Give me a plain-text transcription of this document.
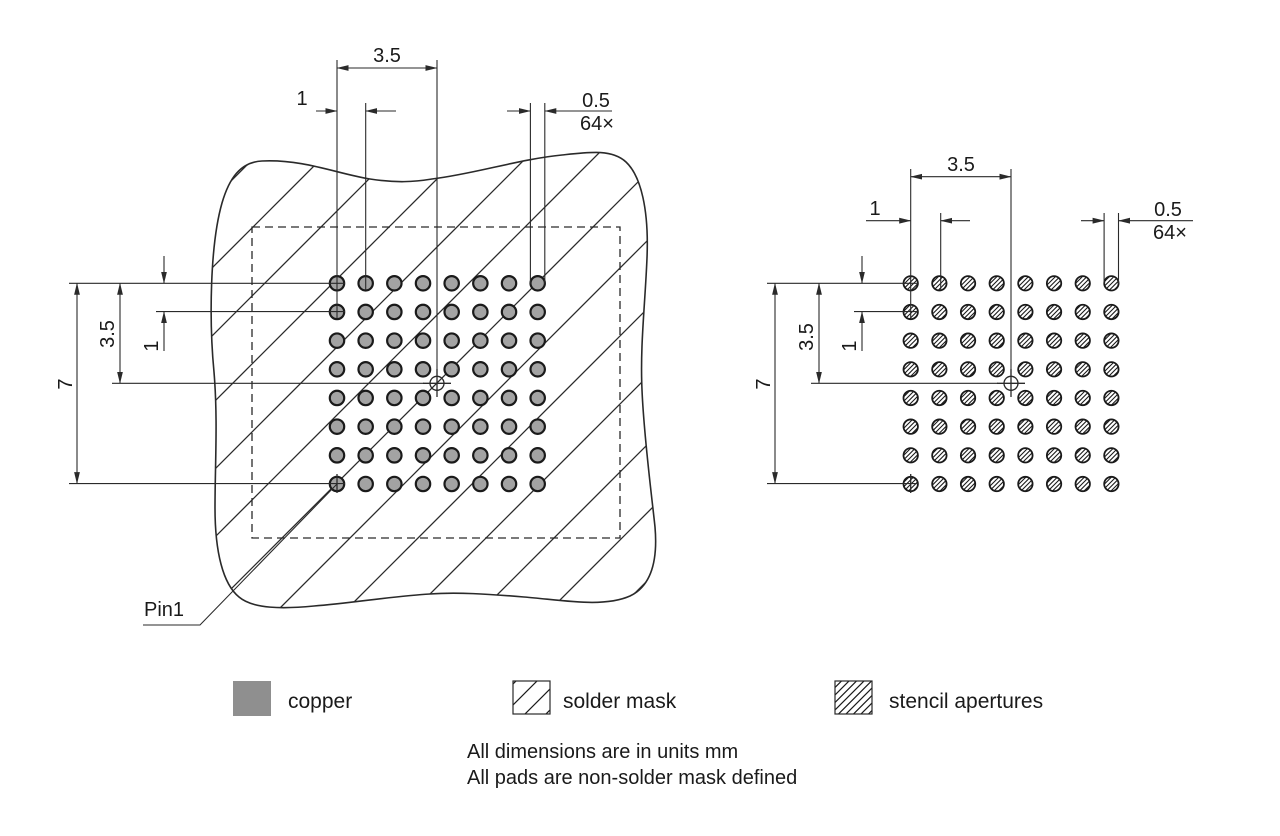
3.5
1	0.5
64×
7
3.5 1
3.5
1	0.5
64×
7
3.5 1
Pin1
copper	solder mask	stencil apertures
All dimensions are in units mm
All pads are non-solder mask defined
